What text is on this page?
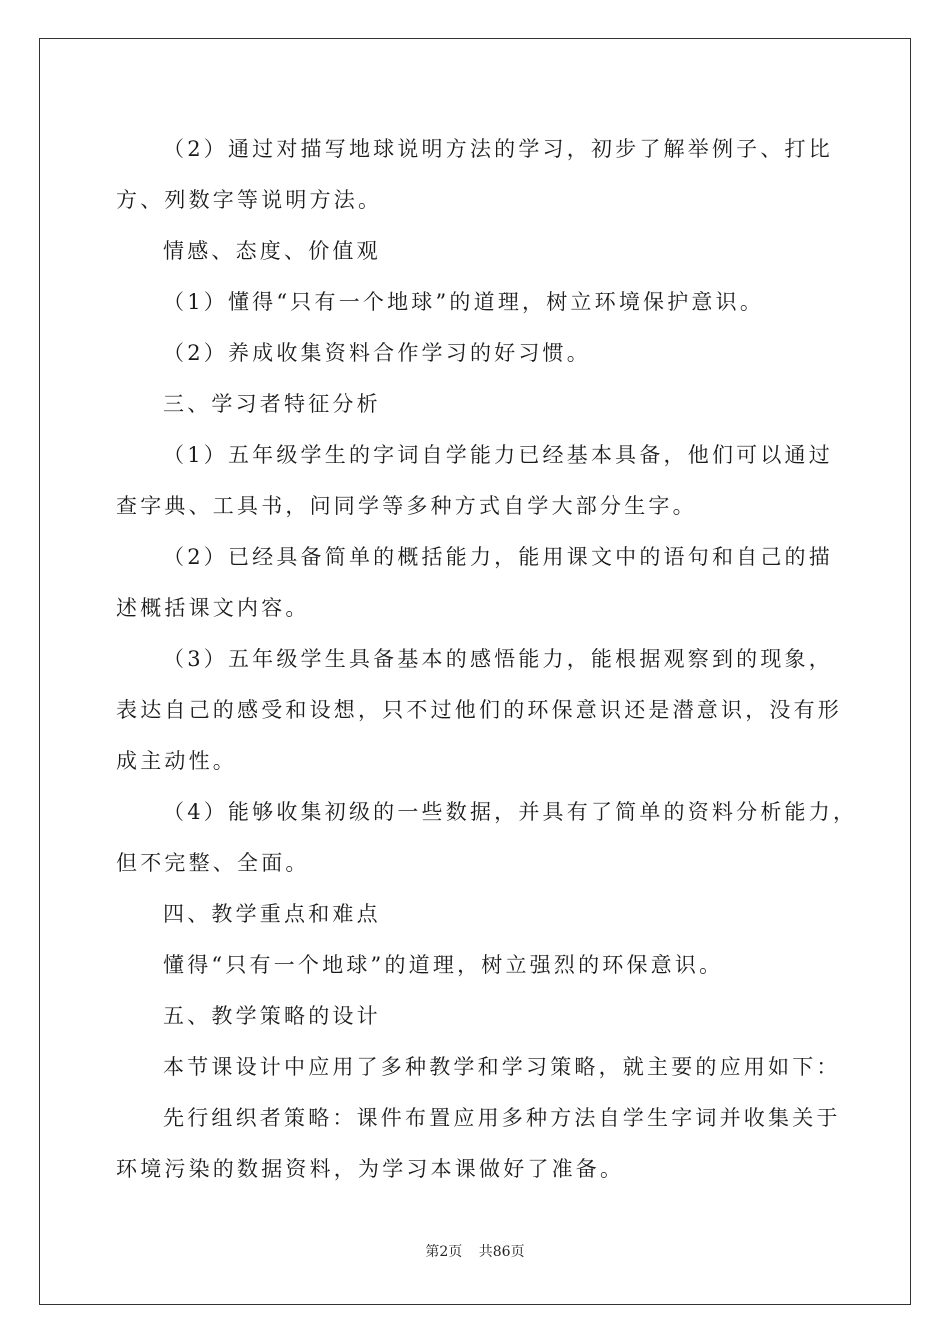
（2）通过对描写地球说明方法的学习，初步了解举例子、打比
方、列数字等说明方法。
情感、态度、价值观
（1）懂得“只有一个地球”的道理，树立环境保护意识。
（2）养成收集资料合作学习的好习惯。
三、学习者特征分析
（1）五年级学生的字词自学能力已经基本具备，他们可以通过
查字典、工具书，问同学等多种方式自学大部分生字。
（2）已经具备简单的概括能力，能用课文中的语句和自己的描
述概括课文内容。
（3）五年级学生具备基本的感悟能力，能根据观察到的现象，
表达自己的感受和设想，只不过他们的环保意识还是潜意识，没有形
成主动性。
（4）能够收集初级的一些数据，并具有了简单的资料分析能力，
但不完整、全面。
四、教学重点和难点
懂得“只有一个地球”的道理，树立强烈的环保意识。
五、教学策略的设计
本节课设计中应用了多种教学和学习策略，就主要的应用如下：
先行组织者策略：课件布置应用多种方法自学生字词并收集关于
环境污染的数据资料，为学习本课做好了准备。
第2页 共86页
